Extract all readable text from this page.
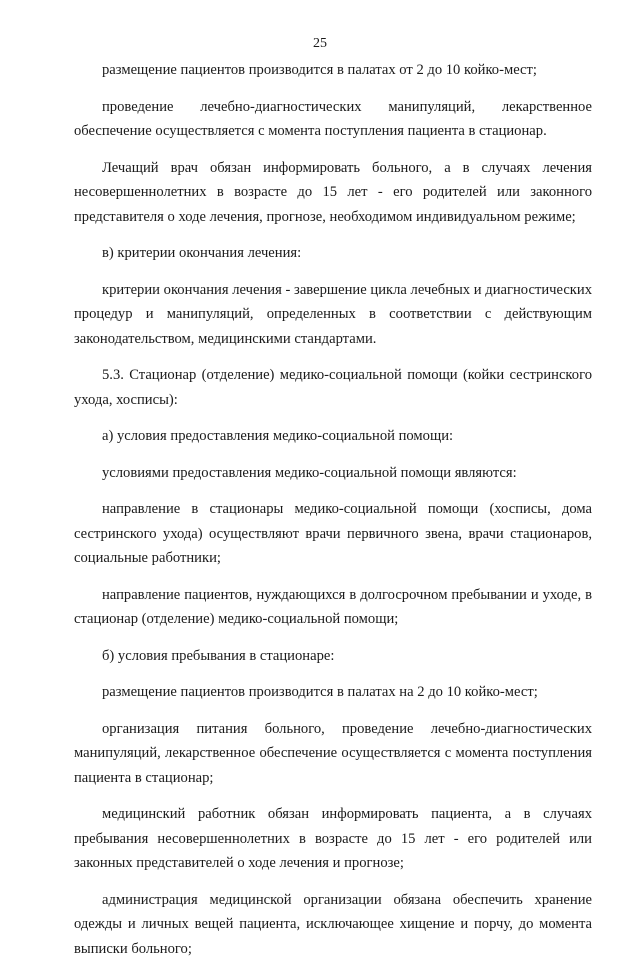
25

размещение пациентов производится в палатах от 2 до 10 койко-мест;

проведение лечебно-диагностических манипуляций, лекарственное обеспечение осуществляется с момента поступления пациента в стационар.

Лечащий врач обязан информировать больного, а в случаях лечения несовершеннолетних в возрасте до 15 лет - его родителей или законного представителя о ходе лечения, прогнозе, необходимом индивидуальном режиме;

в) критерии окончания лечения:

критерии окончания лечения - завершение цикла лечебных и диагностических процедур и манипуляций, определенных в соответствии с действующим законодательством, медицинскими стандартами.

5.3. Стационар (отделение) медико-социальной помощи (койки сестринского ухода, хосписы):

а) условия предоставления медико-социальной помощи:

условиями предоставления медико-социальной помощи являются:

направление в стационары медико-социальной помощи (хосписы, дома сестринского ухода) осуществляют врачи первичного звена, врачи стационаров, социальные работники;

направление пациентов, нуждающихся в долгосрочном пребывании и уходе, в стационар (отделение) медико-социальной помощи;

б) условия пребывания в стационаре:

размещение пациентов производится в палатах на 2 до 10 койко-мест;

организация питания больного, проведение лечебно-диагностических манипуляций, лекарственное обеспечение осуществляется с момента поступления пациента в стационар;

медицинский работник обязан информировать пациента, а в случаях пребывания несовершеннолетних в возрасте до 15 лет - его родителей или законных представителей о ходе лечения и прогнозе;

администрация медицинской организации обязана обеспечить хранение одежды и личных вещей пациента, исключающее хищение и порчу, до момента выписки больного;
